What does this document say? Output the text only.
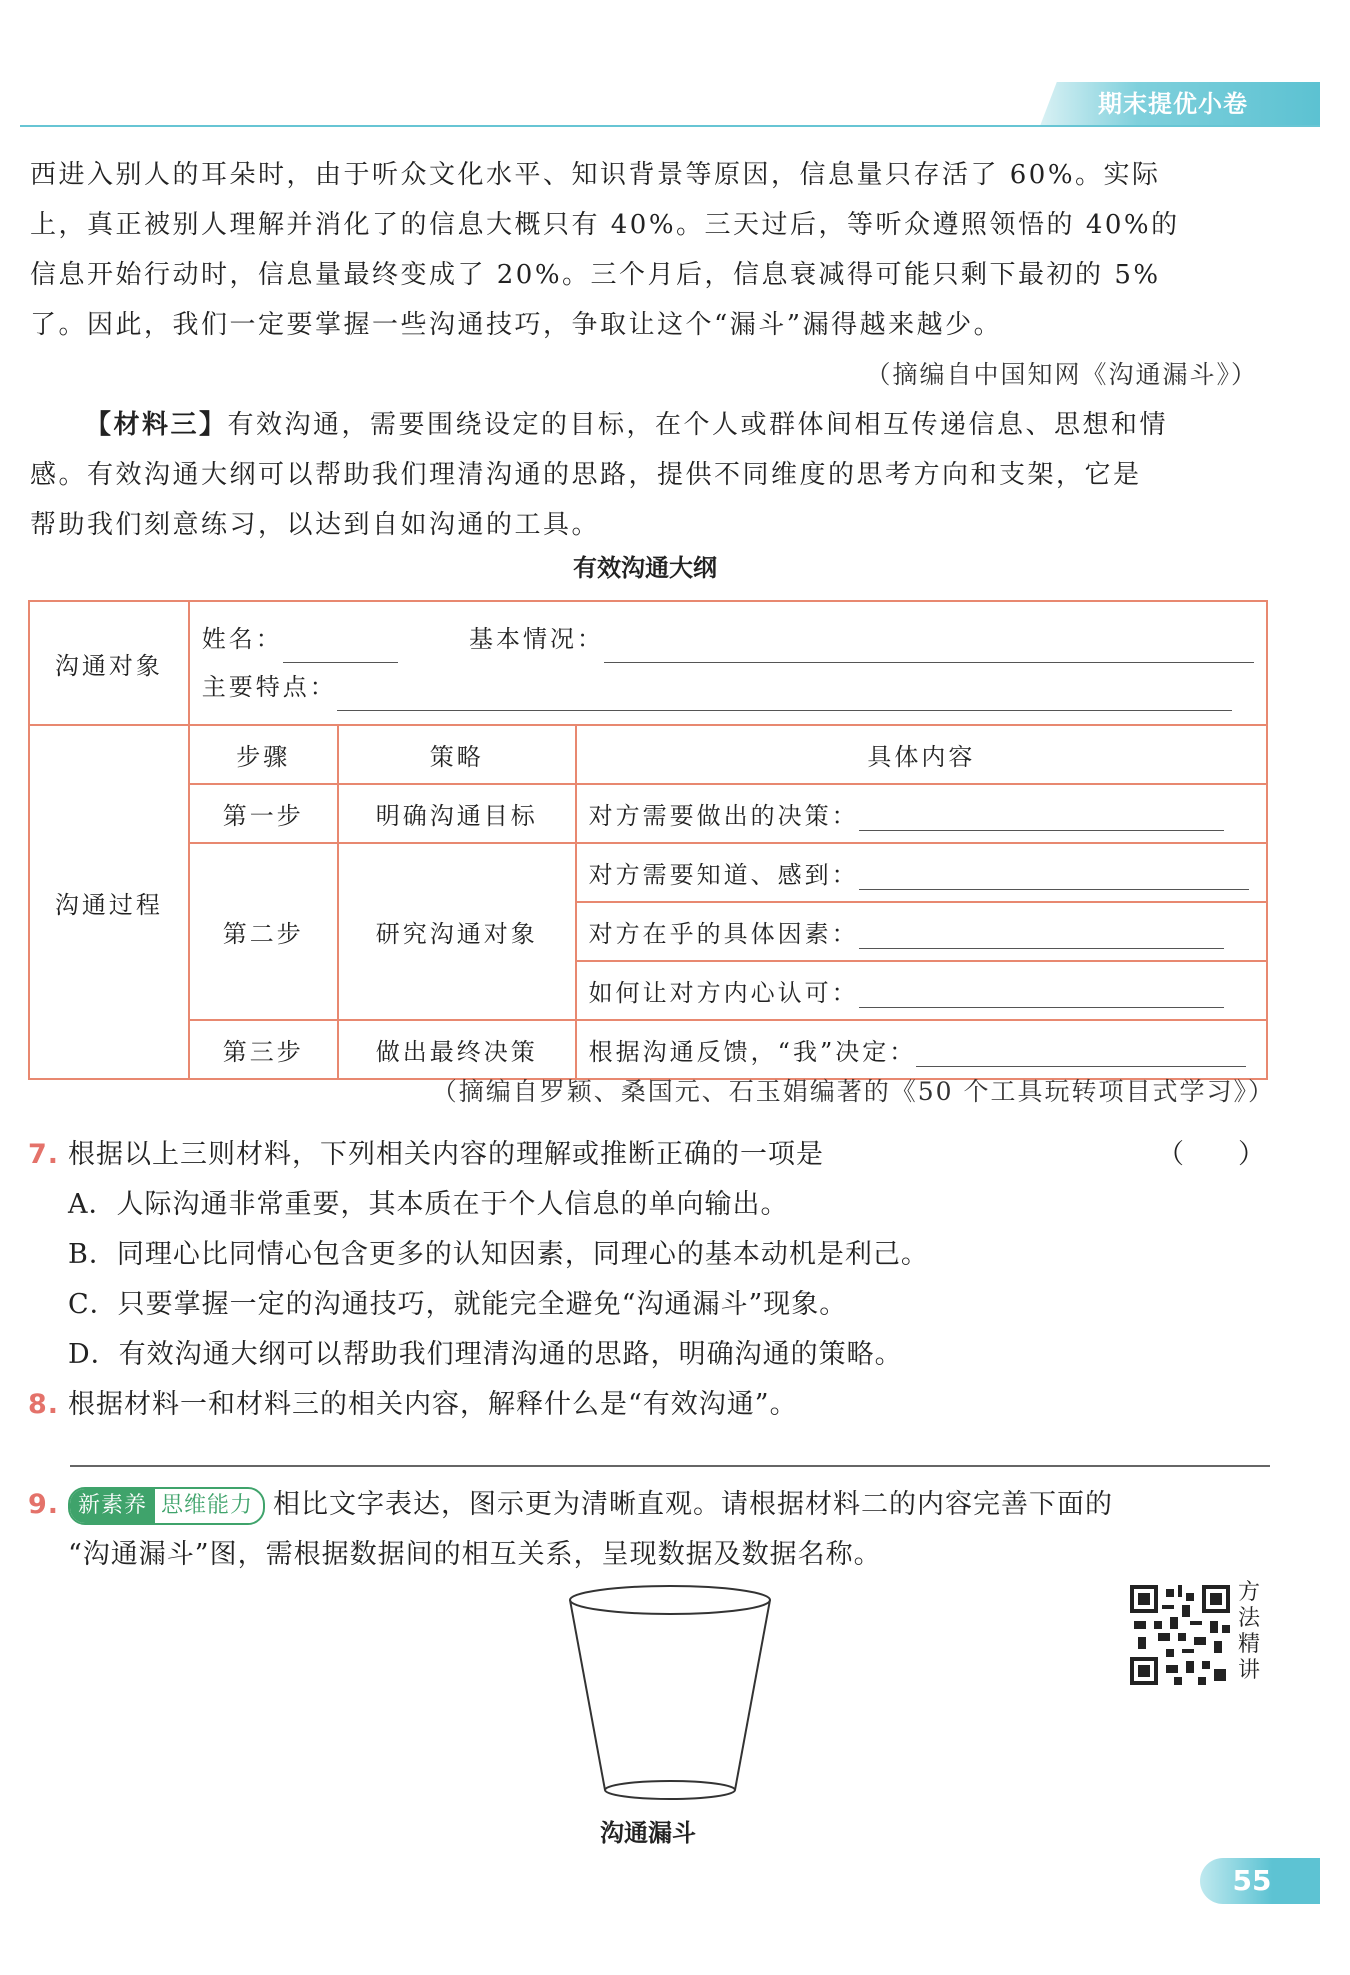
期末提优小卷

西进入别人的耳朵时，由于听众文化水平、知识背景等原因，信息量只存活了 60%。实际

上，真正被别人理解并消化了的信息大概只有 40%。三天过后，等听众遵照领悟的 40%的

信息开始行动时，信息量最终变成了 20%。三个月后，信息衰减得可能只剩下最初的 5%

了。因此，我们一定要掌握一些沟通技巧，争取让这个“漏斗”漏得越来越少。

（摘编自中国知网《沟通漏斗》）

【材料三】有效沟通，需要围绕设定的目标，在个人或群体间相互传递信息、思想和情

感。有效沟通大纲可以帮助我们理清沟通的思路，提供不同维度的思考方向和支架，它是

帮助我们刻意练习，以达到自如沟通的工具。

有效沟通大纲
沟通对象	姓名： 基本情况：
主要特点：		

沟通过程	步骤	策略	具体内容
	第一步	明确沟通目标	对方需要做出的决策：
	第二步	研究沟通对象	对方需要知道、感到：
			对方在乎的具体因素：
			如何让对方内心认可：
	第三步	做出最终决策	根据沟通反馈，“我”决定：
（摘编自罗颖、桑国元、石玉娟编著的《50 个工具玩转项目式学习》）

7. 根据以上三则材料，下列相关内容的理解或推断正确的一项是	（　　）

A．人际沟通非常重要，其本质在于个人信息的单向输出。

B．同理心比同情心包含更多的认知因素，同理心的基本动机是利己。

C．只要掌握一定的沟通技巧，就能完全避免“沟通漏斗”现象。

D．有效沟通大纲可以帮助我们理清沟通的思路，明确沟通的策略。

8. 根据材料一和材料三的相关内容，解释什么是“有效沟通”。

9. 新素养 思维能力 相比文字表达，图示更为清晰直观。请根据材料二的内容完善下面的

“沟通漏斗”图，需根据数据间的相互关系，呈现数据及数据名称。

沟通漏斗
方法精讲
55
